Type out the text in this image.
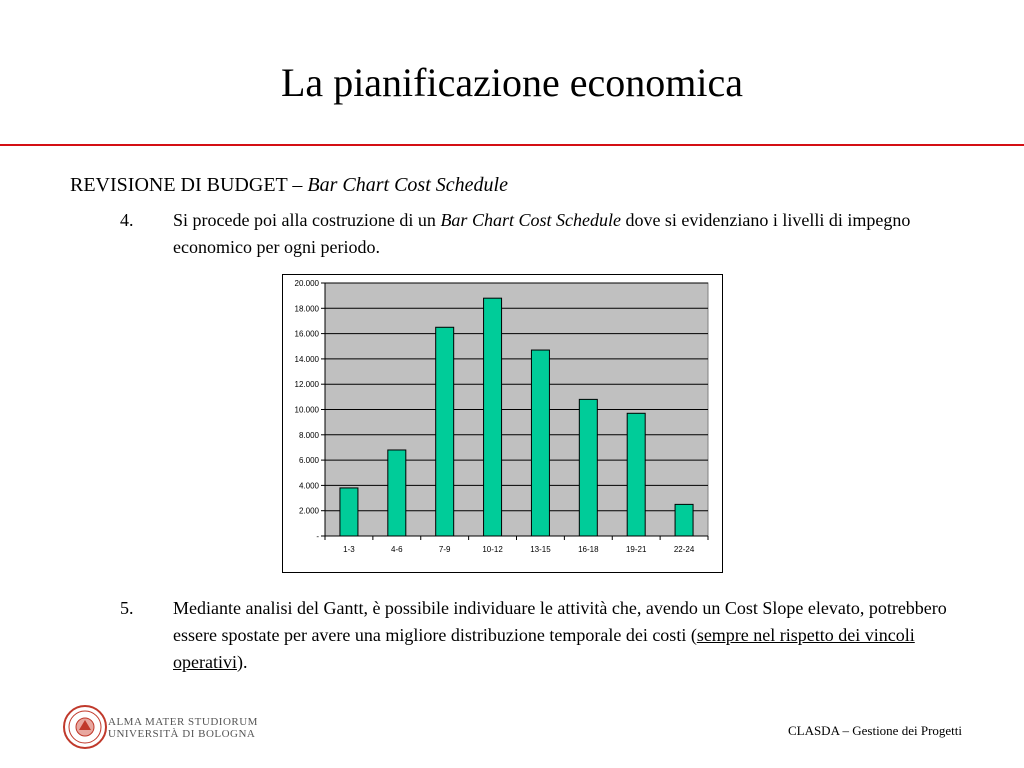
La pianificazione economica
REVISIONE DI BUDGET – Bar Chart Cost Schedule
4. Si procede poi alla costruzione di un Bar Chart Cost Schedule dove si evidenziano i livelli di impegno economico per ogni periodo.
-
2.000
4.000
6.000
8.000
10.000
12.000
14.000
16.000
18.000
20.000
1-3	4-6	7-9	10-12	13-15	16-18	19-21	22-24
5. Mediante analisi del Gantt, è possibile individuare le attività che, avendo un Cost Slope elevato, potrebbero essere spostate per avere una migliore distribuzione temporale dei costi (sempre nel rispetto dei vincoli operativi).
ALMA MATER STUDIORUM
UNIVERSITÀ DI BOLOGNA	CLASDA – Gestione dei Progetti
